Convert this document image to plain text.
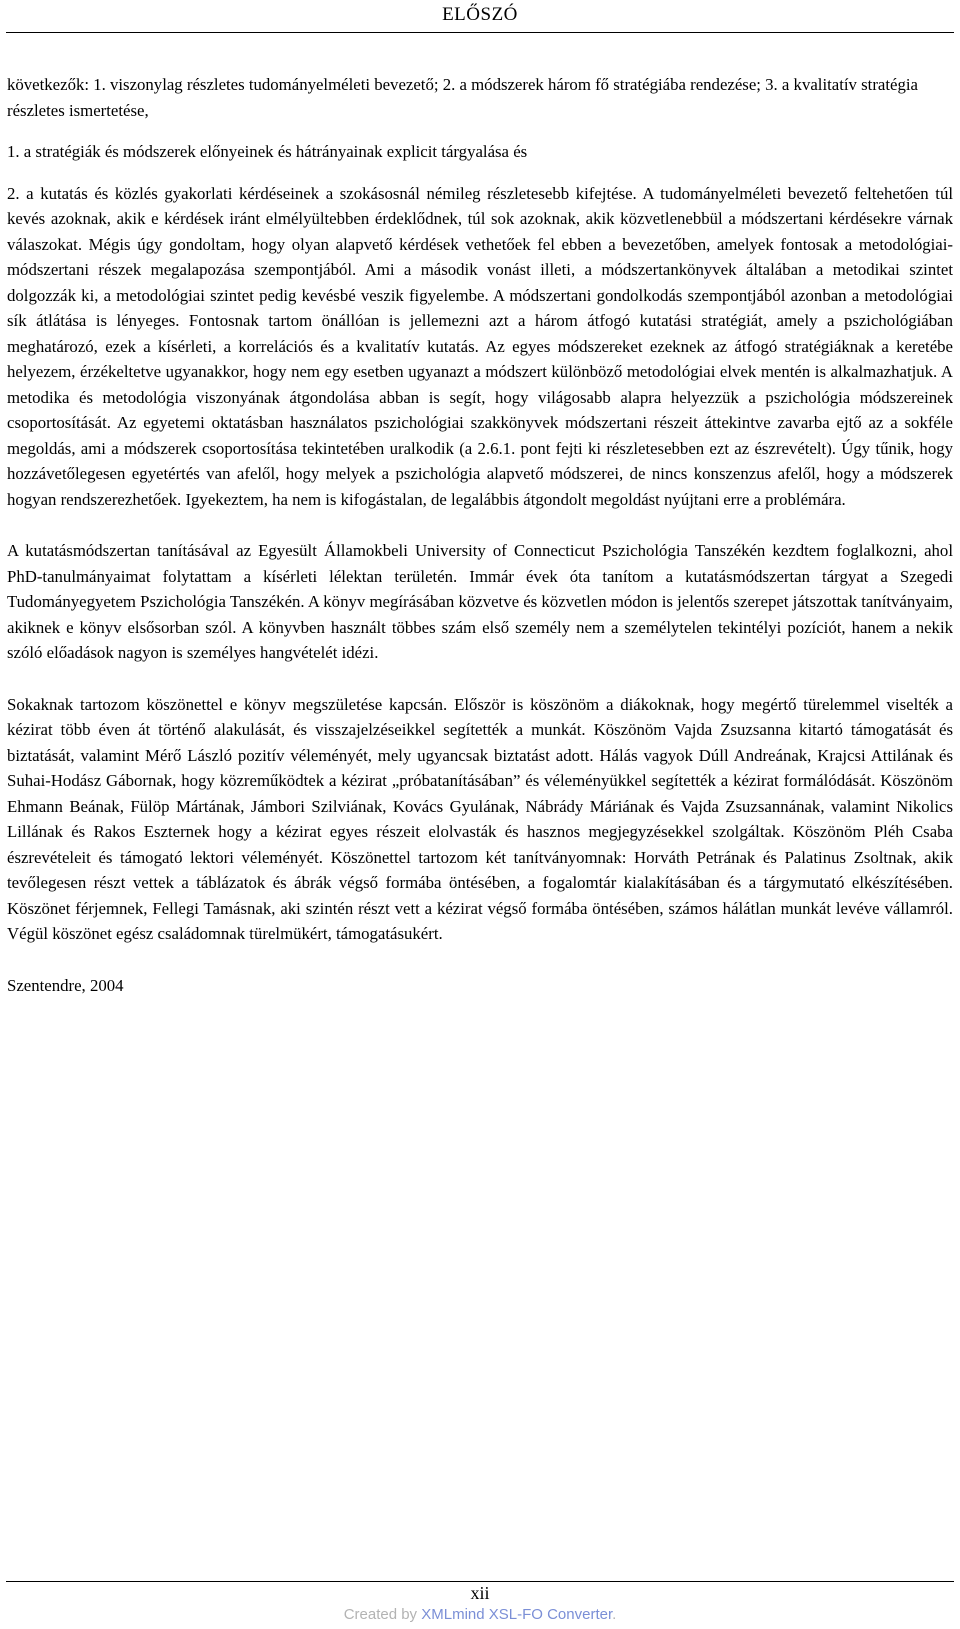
ELŐSZÓ

következők: 1. viszonylag részletes tudományelméleti bevezető; 2. a módszerek három fő stratégiába rendezése; 3. a kvalitatív stratégia részletes ismertetése,

1. a stratégiák és módszerek előnyeinek és hátrányainak explicit tárgyalása és

2. a kutatás és közlés gyakorlati kérdéseinek a szokásosnál némileg részletesebb kifejtése. A tudományelméleti bevezető feltehetően túl kevés azoknak, akik e kérdések iránt elmélyültebben érdeklődnek, túl sok azoknak, akik közvetlenebbül a módszertani kérdésekre várnak válaszokat. Mégis úgy gondoltam, hogy olyan alapvető kérdések vethetőek fel ebben a bevezetőben, amelyek fontosak a metodológiai-módszertani részek megalapozása szempontjából. Ami a második vonást illeti, a módszertankönyvek általában a metodikai szintet dolgozzák ki, a metodológiai szintet pedig kevésbé veszik figyelembe. A módszertani gondolkodás szempontjából azonban a metodológiai sík átlátása is lényeges. Fontosnak tartom önállóan is jellemezni azt a három átfogó kutatási stratégiát, amely a pszichológiában meghatározó, ezek a kísérleti, a korrelációs és a kvalitatív kutatás. Az egyes módszereket ezeknek az átfogó stratégiáknak a keretébe helyezem, érzékeltetve ugyanakkor, hogy nem egy esetben ugyanazt a módszert különböző metodológiai elvek mentén is alkalmazhatjuk. A metodika és metodológia viszonyának átgondolása abban is segít, hogy világosabb alapra helyezzük a pszichológia módszereinek csoportosítását. Az egyetemi oktatásban használatos pszichológiai szakkönyvek módszertani részeit áttekintve zavarba ejtő az a sokféle megoldás, ami a módszerek csoportosítása tekintetében uralkodik (a 2.6.1. pont fejti ki részletesebben ezt az észrevételt). Úgy tűnik, hogy hozzávetőlegesen egyetértés van afelől, hogy melyek a pszichológia alapvető módszerei, de nincs konszenzus afelől, hogy a módszerek hogyan rendszerezhetőek. Igyekeztem, ha nem is kifogástalan, de legalábbis átgondolt megoldást nyújtani erre a problémára.

A kutatásmódszertan tanításával az Egyesült Államokbeli University of Connecticut Pszichológia Tanszékén kezdtem foglalkozni, ahol PhD-tanulmányaimat folytattam a kísérleti lélektan területén. Immár évek óta tanítom a kutatásmódszertan tárgyat a Szegedi Tudományegyetem Pszichológia Tanszékén. A könyv megírásában közvetve és közvetlen módon is jelentős szerepet játszottak tanítványaim, akiknek e könyv elsősorban szól. A könyvben használt többes szám első személy nem a személytelen tekintélyi pozíciót, hanem a nekik szóló előadások nagyon is személyes hangvételét idézi.

Sokaknak tartozom köszönettel e könyv megszületése kapcsán. Először is köszönöm a diákoknak, hogy megértő türelemmel viselték a kézirat több éven át történő alakulását, és visszajelzéseikkel segítették a munkát. Köszönöm Vajda Zsuzsanna kitartó támogatását és biztatását, valamint Mérő László pozitív véleményét, mely ugyancsak biztatást adott. Hálás vagyok Dúll Andreának, Krajcsi Attilának és Suhai-Hodász Gábornak, hogy közreműködtek a kézirat „próbatanításában” és véleményükkel segítették a kézirat formálódását. Köszönöm Ehmann Beának, Fülöp Mártának, Jámbori Szilviának, Kovács Gyulának, Nábrády Máriának és Vajda Zsuzsannának, valamint Nikolics Lillának és Rakos Eszternek hogy a kézirat egyes részeit elolvasták és hasznos megjegyzésekkel szolgáltak. Köszönöm Pléh Csaba észrevételeit és támogató lektori véleményét. Köszönettel tartozom két tanítványomnak: Horváth Petrának és Palatinus Zsoltnak, akik tevőlegesen részt vettek a táblázatok és ábrák végső formába öntésében, a fogalomtár kialakításában és a tárgymutató elkészítésében. Köszönet férjemnek, Fellegi Tamásnak, aki szintén részt vett a kézirat végső formába öntésében, számos hálátlan munkát levéve vállamról. Végül köszönet egész családomnak türelmükért, támogatásukért.

Szentendre, 2004

xii
Created by XMLmind XSL-FO Converter.
